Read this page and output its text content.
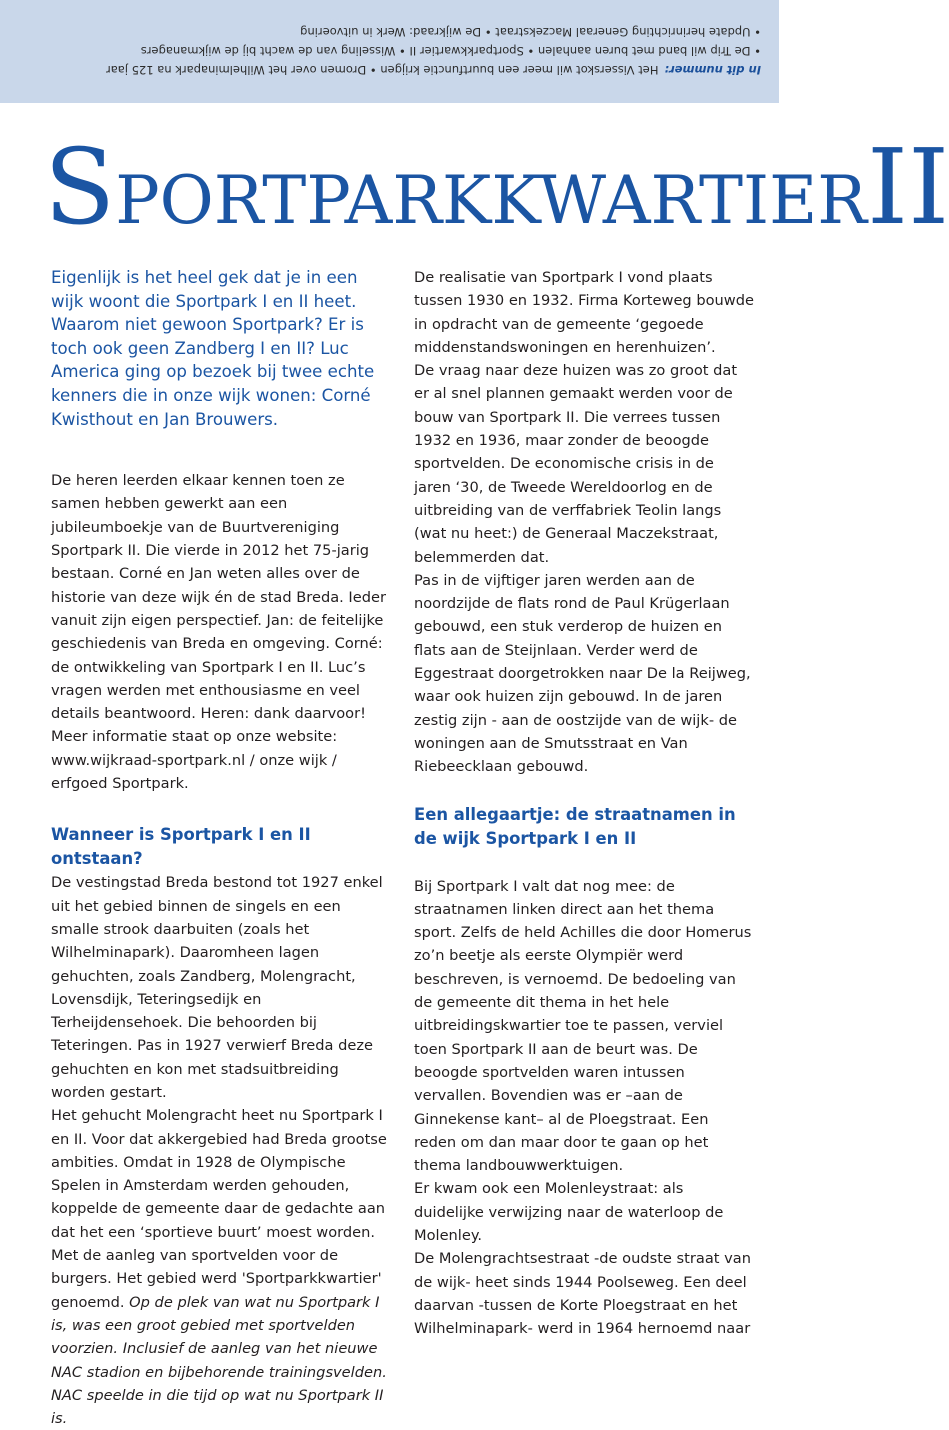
In dit nummer:Het Visserskot wil meer een buurtfunctie krijgen • Dromen over het Wilhelminapark na 125 jaar
• De Trip wil band met buren aanhalen • Sportparkkwartier II • Wisseling van de wacht bij de wijkmanagers
• Update herinrichting Generaal Maczekstraat • De wijkraad: Werk in uitvoering
SPORTPARKKWARTIERII

Eigenlijk is het heel gek dat je in een wijk woont die Sportpark I en II heet. Waarom niet gewoon Sportpark? Er is toch ook geen Zandberg I en II? Luc America ging op bezoek bij twee echte kenners die in onze wijk wonen: Corné Kwisthout en Jan Brouwers.

De heren leerden elkaar kennen toen ze samen hebben gewerkt aan een jubileumboekje van de Buurtvereniging Sportpark II. Die vierde in 2012 het 75-jarig bestaan. Corné en Jan weten alles over de historie van deze wijk én de stad Breda. Ieder vanuit zijn eigen perspectief. Jan: de feitelijke geschiedenis van Breda en omgeving. Corné: de ontwikkeling van Sportpark I en II. Luc’s vragen werden met enthousiasme en veel details beantwoord. Heren: dank daarvoor! Meer informatie staat op onze website: www.wijkraad-sportpark.nl / onze wijk / erfgoed Sportpark.

Wanneer is Sportpark I en II ontstaan?

De vestingstad Breda bestond tot 1927 enkel uit het gebied binnen de singels en een smalle strook daarbuiten (zoals het Wilhelminapark). Daaromheen lagen gehuchten, zoals Zandberg, Molengracht, Lovensdijk, Teteringsedijk en Terheijdensehoek. Die behoorden bij Teteringen. Pas in 1927 verwierf Breda deze gehuchten en kon met stadsuitbreiding worden gestart.

Het gehucht Molengracht heet nu Sportpark I en II. Voor dat akkergebied had Breda grootse ambities. Omdat in 1928 de Olympische Spelen in Amsterdam werden gehouden, koppelde de gemeente daar de gedachte aan dat het een ‘sportieve buurt’ moest worden. Met de aanleg van sportvelden voor de burgers. Het gebied werd 'Sportparkkwartier' genoemd. Op de plek van wat nu Sportpark I is, was een groot gebied met sportvelden voorzien. Inclusief de aanleg van het nieuwe NAC stadion en bijbehorende trainingsvelden. NAC speelde in die tijd op wat nu Sportpark II is.

De realisatie van Sportpark I vond plaats tussen 1930 en 1932. Firma Korteweg bouwde in opdracht van de gemeente ‘gegoede middenstandswoningen en herenhuizen’.

De vraag naar deze huizen was zo groot dat er al snel plannen gemaakt werden voor de bouw van Sportpark II. Die verrees tussen 1932 en 1936, maar zonder de beoogde sportvelden. De economische crisis in de jaren ‘30, de Tweede Wereldoorlog en de uitbreiding van de verffabriek Teolin langs (wat nu heet:) de Generaal Maczekstraat, belemmerden dat.

Pas in de vijftiger jaren werden aan de noordzijde de flats rond de Paul Krügerlaan gebouwd, een stuk verderop de huizen en flats aan de Steijnlaan. Verder werd de Eggestraat doorgetrokken naar De la Reijweg, waar ook huizen zijn gebouwd. In de jaren zestig zijn - aan de oostzijde van de wijk- de woningen aan de Smutsstraat en Van Riebeecklaan gebouwd.

Een allegaartje: de straatnamen in de wijk Sportpark I en II

Bij Sportpark I valt dat nog mee: de straatnamen linken direct aan het thema sport. Zelfs de held Achilles die door Homerus zo’n beetje als eerste Olympiër werd beschreven, is vernoemd. De bedoeling van de gemeente dit thema in het hele uitbreidingskwartier toe te passen, verviel toen Sportpark II aan de beurt was. De beoogde sportvelden waren intussen vervallen. Bovendien was er –aan de Ginnekense kant– al de Ploegstraat. Een reden om dan maar door te gaan op het thema landbouwwerktuigen.

Er kwam ook een Molenleystraat: als duidelijke verwijzing naar de waterloop de Molenley.

De Molengrachtsestraat -de oudste straat van de wijk- heet sinds 1944 Poolseweg. Een deel daarvan -tussen de Korte Ploegstraat en het Wilhelminapark- werd in 1964 hernoemd naar
